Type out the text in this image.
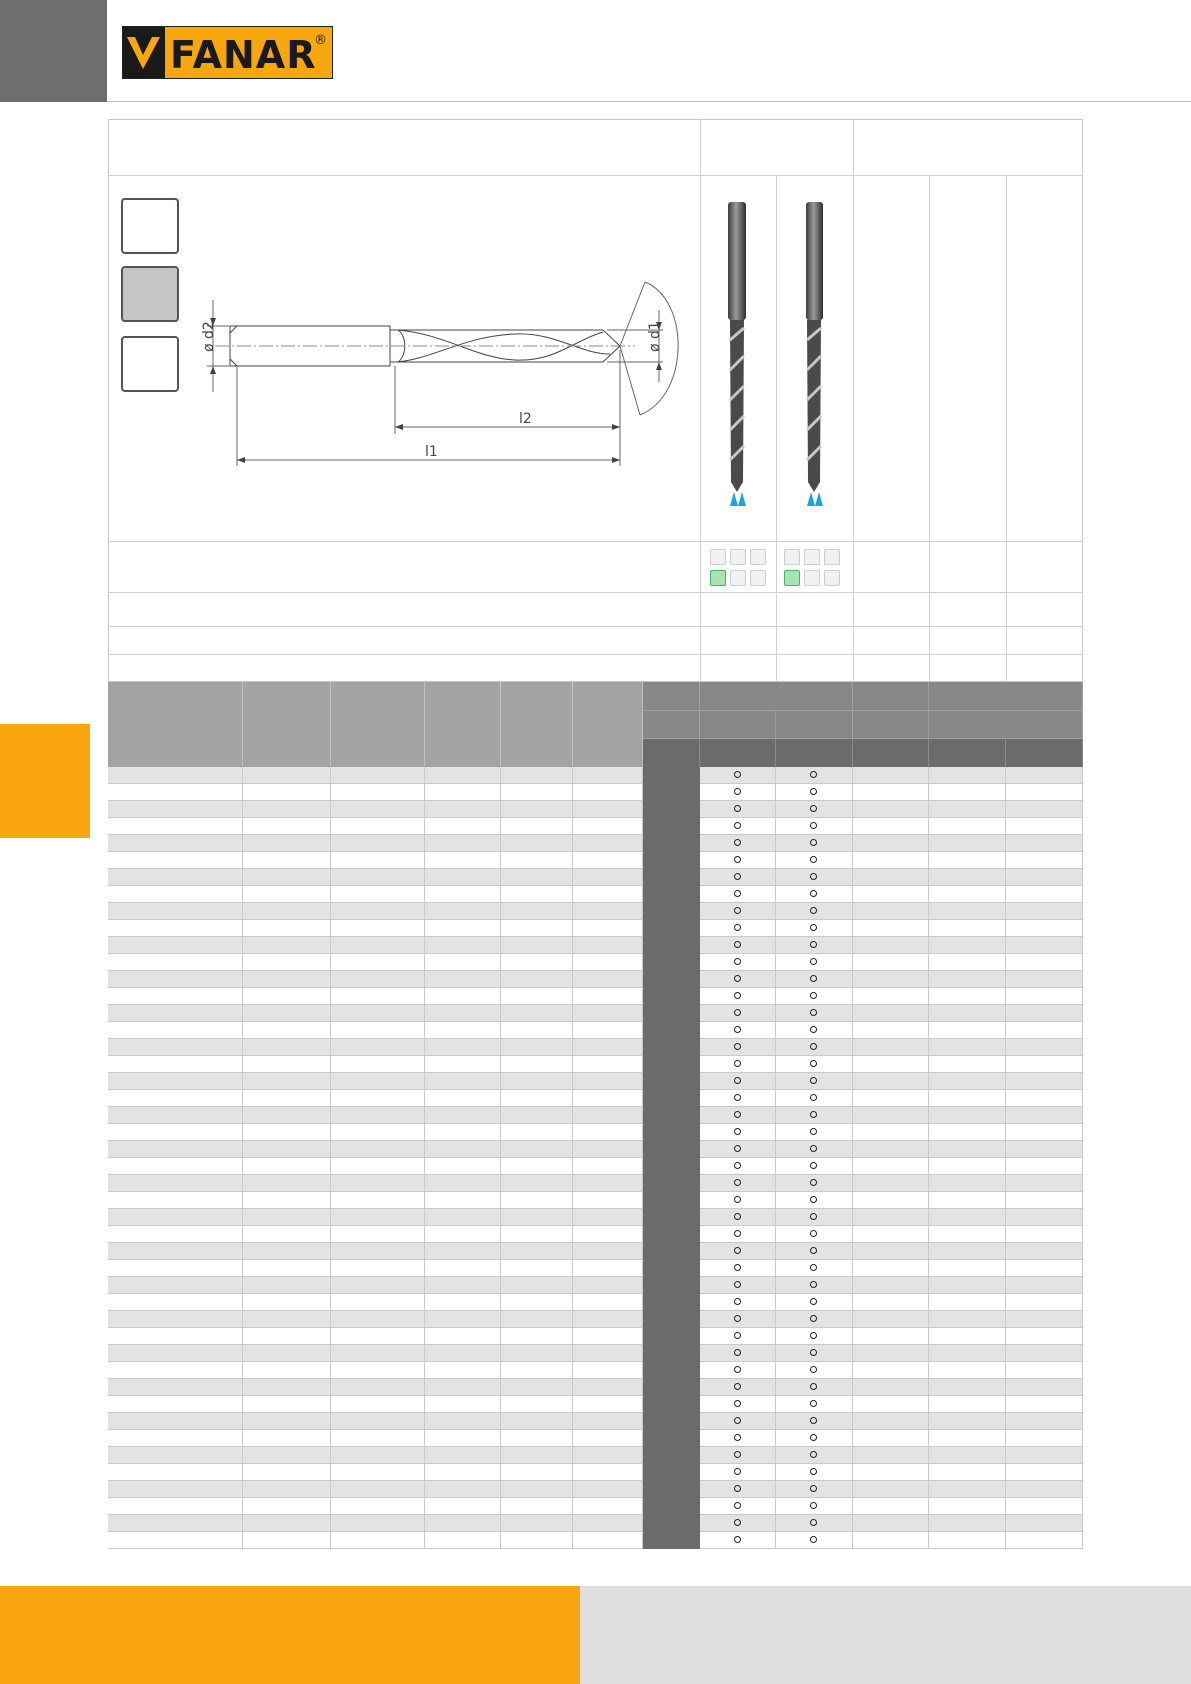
FANAR
®
ø d2	ø d1
l2
l1
